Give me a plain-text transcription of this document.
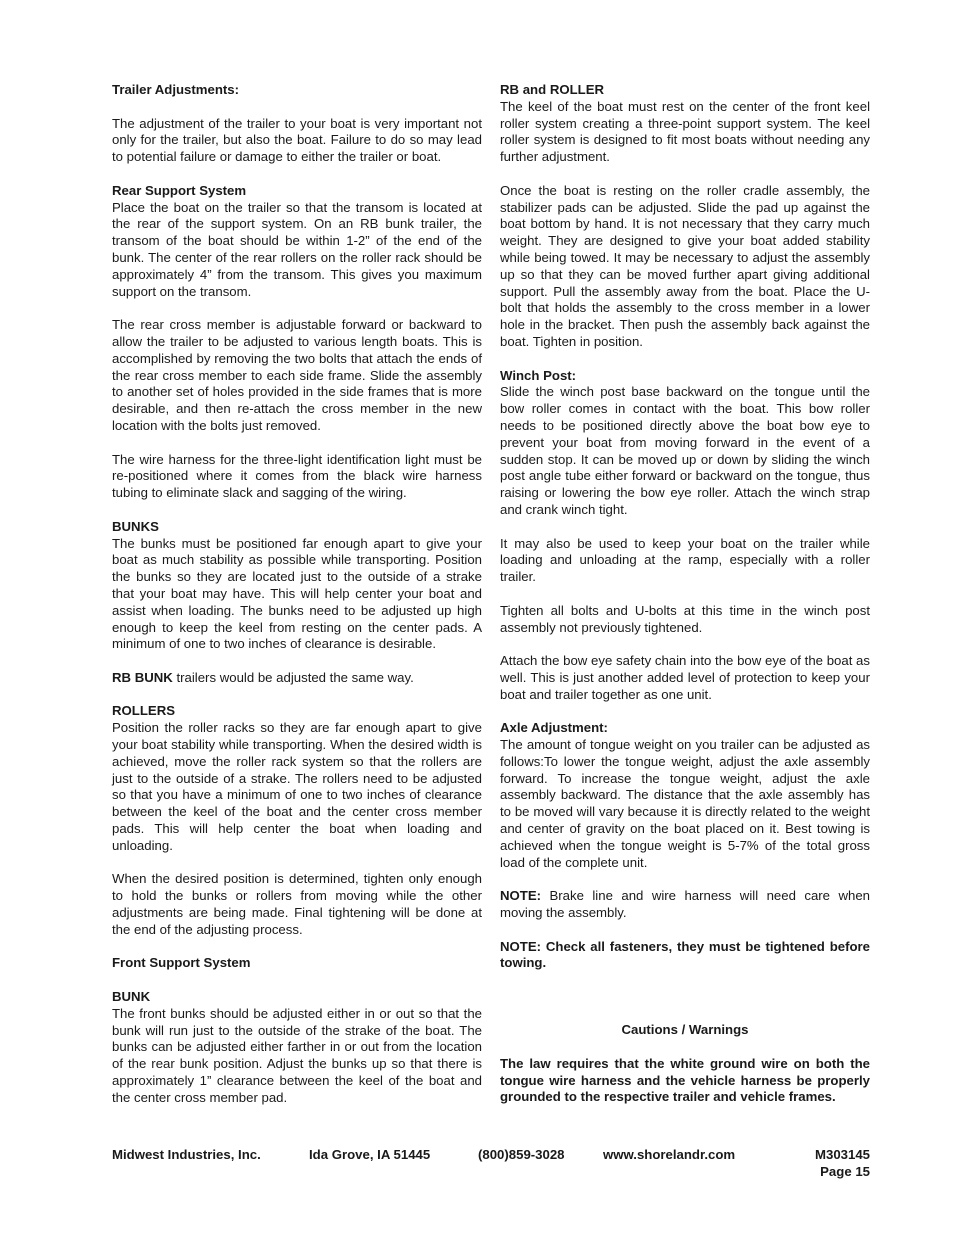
Trailer Adjustments:
The adjustment of the trailer to your boat is very important not only for the trailer, but also the boat. Failure to do so may lead to potential failure or damage to either the trailer or boat.
Rear Support System
Place the boat on the trailer so that the transom is located at the rear of the support system. On an RB bunk trailer, the transom of the boat should be within 1-2” of the end of the bunk. The center of the rear rollers on the roller rack should be approximately 4” from the transom. This gives you maximum support on the transom.
The rear cross member is adjustable forward or backward to allow the trailer to be adjusted to various length boats. This is accomplished by removing the two bolts that attach the ends of the rear cross member to each side frame. Slide the assembly to another set of holes provided in the side frames that is more desirable, and then re-attach the cross member in the new location with the bolts just removed.
The wire harness for the three-light identification light must be re-positioned where it comes from the black wire harness tubing to eliminate slack and sagging of the wiring.
BUNKS
The bunks must be positioned far enough apart to give your boat as much stability as possible while transporting. Position the bunks so they are located just to the outside of a strake that your boat may have. This will help center your boat and assist when loading. The bunks need to be adjusted up high enough to keep the keel from resting on the center pads. A minimum of one to two inches of clearance is desirable.
RB BUNK trailers would be adjusted the same way.
ROLLERS
Position the roller racks so they are far enough apart to give your boat stability while transporting. When the desired width is achieved, move the roller rack system so that the rollers are just to the outside of a strake. The rollers need to be adjusted so that you have a minimum of one to two inches of clearance between the keel of the boat and the center cross member pads. This will help center the boat when loading and unloading.
When the desired position is determined, tighten only enough to hold the bunks or rollers from moving while the other adjustments are being made. Final tightening will be done at the end of the adjusting process.
Front Support System
BUNK
The front bunks should be adjusted either in or out so that the bunk will run just to the outside of the strake of the boat. The bunks can be adjusted either farther in or out from the location of the rear bunk position. Adjust the bunks up so that there is approximately 1” clearance between the keel of the boat and the center cross member pad.
RB and ROLLER
The keel of the boat must rest on the center of the front keel roller system creating a three-point support system. The keel roller system is designed to fit most boats without needing any further adjustment.
Once the boat is resting on the roller cradle assembly, the stabilizer pads can be adjusted. Slide the pad up against the boat bottom by hand. It is not necessary that they carry much weight. They are designed to give your boat added stability while being towed. It may be necessary to adjust the assembly up so that they can be moved further apart giving additional support. Pull the assembly away from the boat. Place the U-bolt that holds the assembly to the cross member in a lower hole in the bracket. Then push the assembly back against the boat. Tighten in position.
Winch Post:
Slide the winch post base backward on the tongue until the bow roller comes in contact with the boat. This bow roller needs to be positioned directly above the boat bow eye to prevent your boat from moving forward in the event of a sudden stop. It can be moved up or down by sliding the winch post angle tube either forward or backward on the tongue, thus raising or lowering the bow eye roller. Attach the winch strap and crank winch tight.
It may also be used to keep your boat on the trailer while loading and unloading at the ramp, especially with a roller trailer.
Tighten all bolts and U-bolts at this time in the winch post assembly not previously tightened.
Attach the bow eye safety chain into the bow eye of the boat as well. This is just another added level of protection to keep your boat and trailer together as one unit.
Axle Adjustment:
The amount of tongue weight on you trailer can be adjusted as follows:To lower the tongue weight, adjust the axle assembly forward. To increase the tongue weight, adjust the axle assembly backward. The distance that the axle assembly has to be moved will vary because it is directly related to the weight and center of gravity on the boat placed on it. Best towing is achieved when the tongue weight is 5-7% of the total gross load of the complete unit.
NOTE: Brake line and wire harness will need care when moving the assembly.
NOTE: Check all fasteners, they must be tightened before towing.
Cautions / Warnings
The law requires that the white ground wire on both the tongue wire harness and the vehicle harness be properly grounded to the respective trailer and vehicle frames.
Midwest Industries, Inc.	Ida Grove, IA 51445	(800)859-3028	www.shorelandr.com	M303145
Page 15
